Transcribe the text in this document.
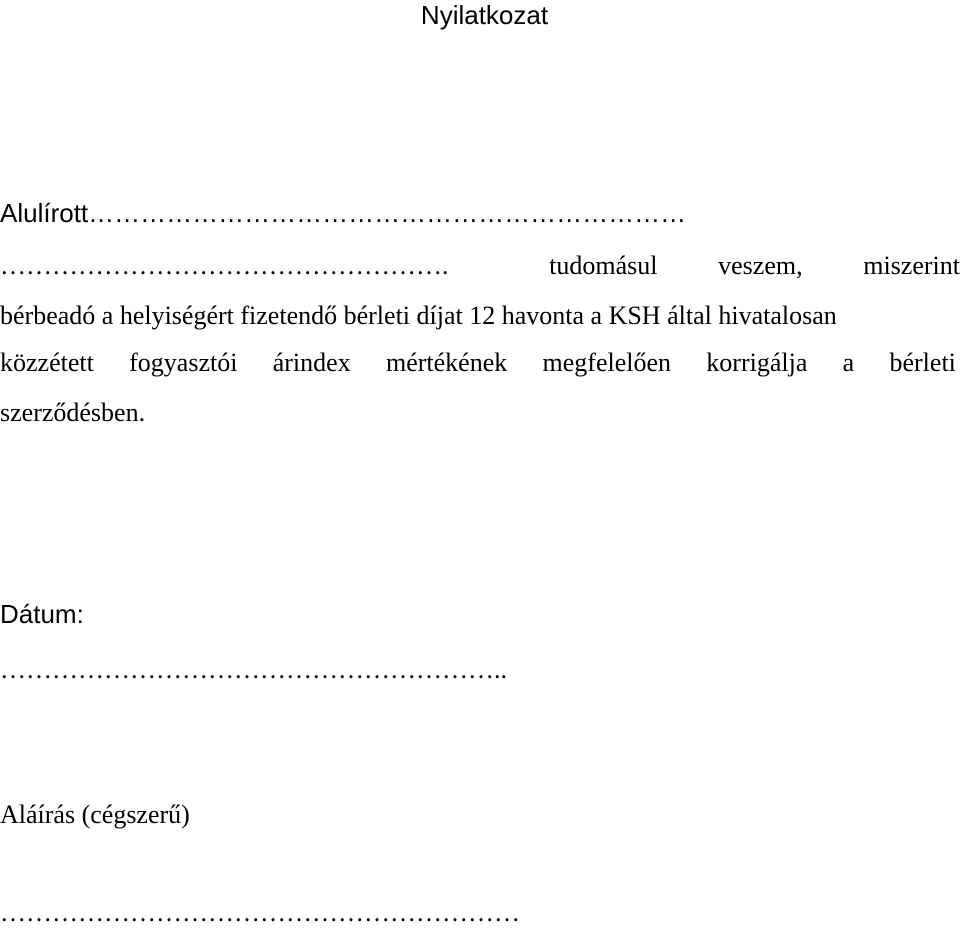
Nyilatkozat
Alulírott……………………………………………………………
…………………………………………….	tudomásul veszem, miszerint
bérbeadó a helyiségért fizetendő bérleti díjat 12 havonta a KSH által hivatalosan
közzétett fogyasztói árindex mértékének megfelelően korrigálja a bérleti
szerződésben.
Dátum:
…………………………………………………..
Aláírás (cégszerű)
……………………………………………………
